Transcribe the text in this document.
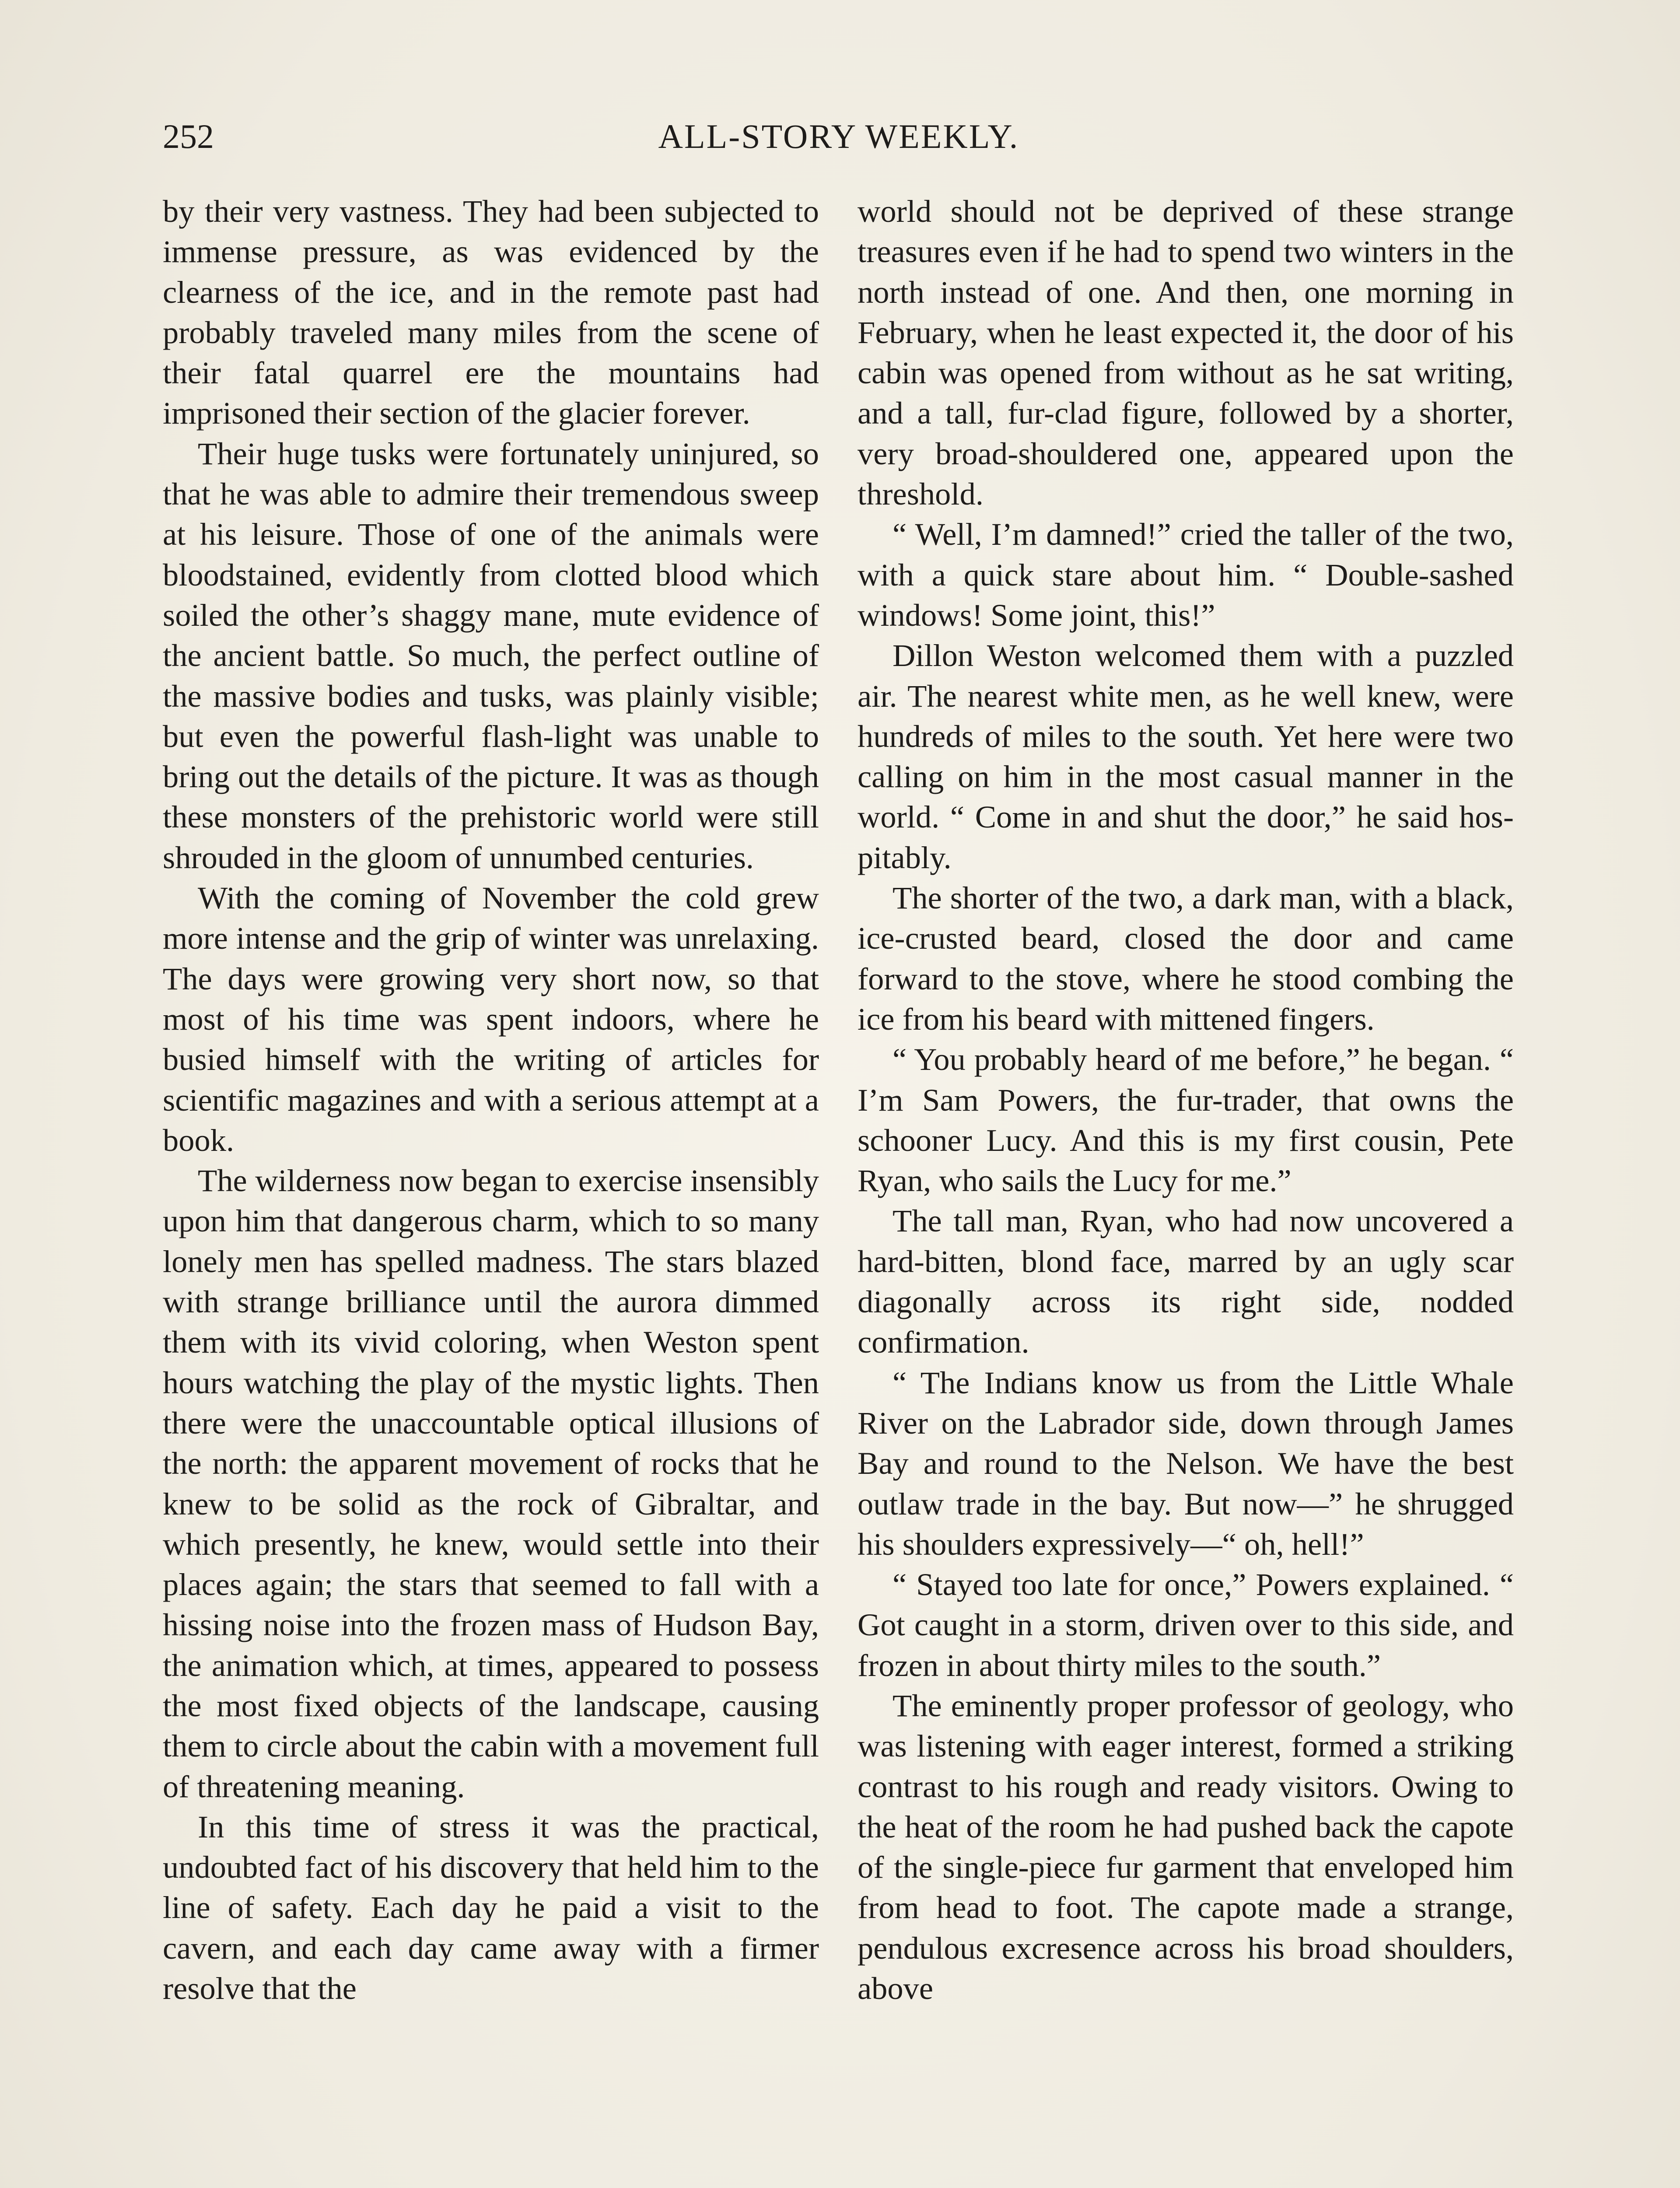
252	ALL-STORY WEEKLY.

by their very vastness. They had been subjected to immense pressure, as was evidenced by the clearness of the ice, and in the remote past had probably traveled many miles from the scene of their fatal quarrel ere the mountains had imprisoned their section of the glacier forever.

Their huge tusks were fortunately uninjured, so that he was able to admire their tremendous sweep at his leisure. Those of one of the animals were bloodstained, evidently from clotted blood which soiled the other’s shaggy mane, mute evidence of the ancient battle. So much, the perfect outline of the massive bodies and tusks, was plainly visible; but even the powerful flash-light was unable to bring out the details of the picture. It was as though these monsters of the prehistoric world were still shrouded in the gloom of unnumbed centuries.

With the coming of November the cold grew more intense and the grip of winter was unrelaxing. The days were growing very short now, so that most of his time was spent indoors, where he busied himself with the writing of articles for scientific magazines and with a serious attempt at a book.

The wilderness now began to exercise insensibly upon him that dangerous charm, which to so many lonely men has spelled madness. The stars blazed with strange brilliance until the aurora dimmed them with its vivid coloring, when Weston spent hours watching the play of the mystic lights. Then there were the unaccountable optical illusions of the north: the apparent movement of rocks that he knew to be solid as the rock of Gibraltar, and which presently, he knew, would settle into their places again; the stars that seemed to fall with a hissing noise into the frozen mass of Hudson Bay, the animation which, at times, appeared to possess the most fixed objects of the landscape, causing them to circle about the cabin with a movement full of threatening meaning.

In this time of stress it was the practical, undoubted fact of his discovery that held him to the line of safety. Each day he paid a visit to the cavern, and each day came away with a firmer resolve that the

world should not be deprived of these strange treasures even if he had to spend two winters in the north instead of one. And then, one morning in February, when he least expected it, the door of his cabin was opened from without as he sat writing, and a tall, fur-clad figure, followed by a shorter, very broad-shouldered one, appeared upon the threshold.

“ Well, I’m damned!” cried the taller of the two, with a quick stare about him. “ Double-sashed windows! Some joint, this!”

Dillon Weston welcomed them with a puzzled air. The nearest white men, as he well knew, were hundreds of miles to the south. Yet here were two calling on him in the most casual manner in the world. “ Come in and shut the door,” he said hospitably.

The shorter of the two, a dark man, with a black, ice-crusted beard, closed the door and came forward to the stove, where he stood combing the ice from his beard with mittened fingers.

“ You probably heard of me before,” he began. “ I’m Sam Powers, the fur-trader, that owns the schooner Lucy. And this is my first cousin, Pete Ryan, who sails the Lucy for me.”

The tall man, Ryan, who had now uncovered a hard-bitten, blond face, marred by an ugly scar diagonally across its right side, nodded confirmation.

“ The Indians know us from the Little Whale River on the Labrador side, down through James Bay and round to the Nelson. We have the best outlaw trade in the bay. But now—” he shrugged his shoulders expressively—“ oh, hell!”

“ Stayed too late for once,” Powers explained. “ Got caught in a storm, driven over to this side, and frozen in about thirty miles to the south.”

The eminently proper professor of geology, who was listening with eager interest, formed a striking contrast to his rough and ready visitors. Owing to the heat of the room he had pushed back the capote of the single-piece fur garment that enveloped him from head to foot. The capote made a strange, pendulous excresence across his broad shoulders, above
